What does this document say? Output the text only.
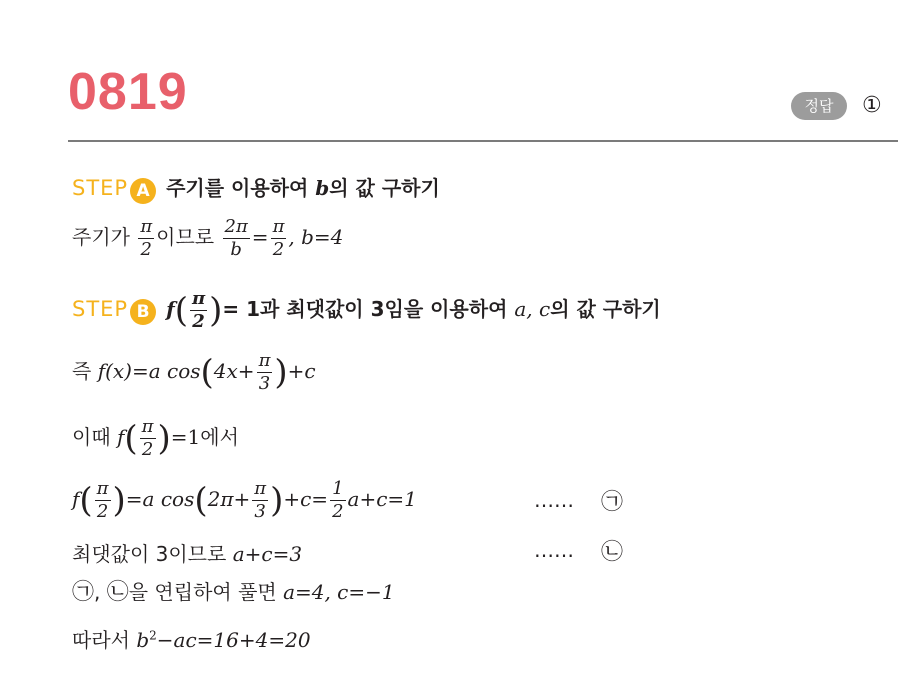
0819	정답	①
STEP A 주기를 이용하여 b의 값 구하기
주기가 $\frac{\pi}{2}$ 이므로 $\frac{2\pi}{b} = \frac{\pi}{2}$ , b=4
STEP B $f( \frac{\pi}{2}$ )= 1과 최댓값이 3임을 이용하여 a, c의 값 구하기
즉 f(x)=a $\cos(4x+ \frac{\pi}{3} )+c$
이때 $f( \frac{\pi}{2} )=1$에서
$f( \frac{\pi}{2} )=a$ $\cos(2\pi+ \frac{\pi}{3} )+c= \frac{1}{2} a+c=1$	…… ㉠
최댓값이 3이므로 a+c=3	…… ㉡
㉠, ㉡을 연립하여 풀면 a=4, c=−1
따라서 $b^2-ac=16+4=20$
